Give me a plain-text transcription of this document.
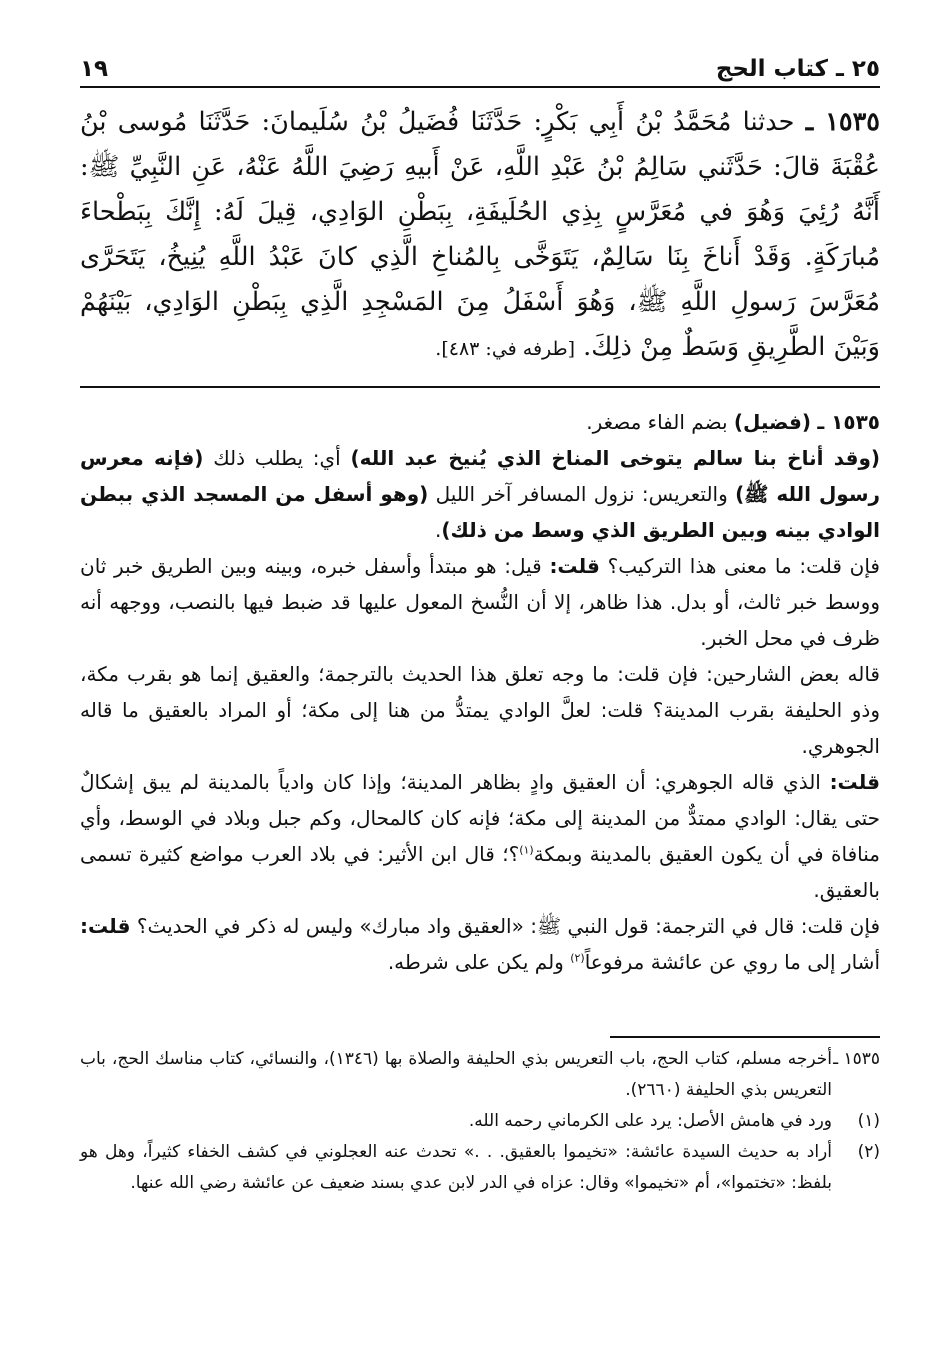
٢٥ ـ كتاب الحج
١٩
١٥٣٥ ـ حدثنا مُحَمَّدُ بْنُ أَبِي بَكْرٍ: حَدَّثَنَا فُضَيلُ بْنُ سُلَيمانَ: حَدَّثَنَا مُوسى بْنُ عُقْبَةَ قالَ: حَدَّثَني سَالِمُ بْنُ عَبْدِ اللَّهِ، عَنْ أَبيهِ رَضِيَ اللَّهُ عَنْهُ، عَنِ النَّبِيِّ ﷺ: أَنَّهُ رُئِيَ وَهُوَ في مُعَرَّسٍ بِذِي الحُلَيفَةِ، بِبَطْنِ الوَادِي، قِيلَ لَهُ: إِنَّكَ بِبَطْحاءَ مُبارَكَةٍ. وَقَدْ أَناخَ بِنَا سَالِمٌ، يَتَوَخَّى بِالمُناخِ الَّذِي كانَ عَبْدُ اللَّهِ يُنِيخُ، يَتَحَرَّى مُعَرَّسَ رَسولِ اللَّهِ ﷺ، وَهُوَ أَسْفَلُ مِنَ المَسْجِدِ الَّذِي بِبَطْنِ الوَادِي، بَيْنَهُمْ وَبَيْنَ الطَّرِيقِ وَسَطٌ مِنْ ذلِكَ. [طرفه في: ٤٨٣].

١٥٣٥ ـ (فضيل) بضم الفاء مصغر.

(وقد أناخ بنا سالم يتوخى المناخ الذي يُنيخ عبد الله) أي: يطلب ذلك (فإنه معرس رسول الله ﷺ) والتعريس: نزول المسافر آخر الليل (وهو أسفل من المسجد الذي ببطن الوادي بينه وبين الطريق الذي وسط من ذلك).

فإن قلت: ما معنى هذا التركيب؟ قلت: قيل: هو مبتدأ وأسفل خبره، وبينه وبين الطريق خبر ثان ووسط خبر ثالث، أو بدل. هذا ظاهر، إلا أن النُّسخ المعول عليها قد ضبط فيها بالنصب، ووجهه أنه ظرف في محل الخبر.

قاله بعض الشارحين: فإن قلت: ما وجه تعلق هذا الحديث بالترجمة؛ والعقيق إنما هو بقرب مكة، وذو الحليفة بقرب المدينة؟ قلت: لعلَّ الوادي يمتدُّ من هنا إلى مكة؛ أو المراد بالعقيق ما قاله الجوهري.

قلت: الذي قاله الجوهري: أن العقيق وادٍ بظاهر المدينة؛ وإذا كان وادياً بالمدينة لم يبق إشكالٌ حتى يقال: الوادي ممتدٌّ من المدينة إلى مكة؛ فإنه كان كالمحال، وكم جبل وبلاد في الوسط، وأي منافاة في أن يكون العقيق بالمدينة وبمكة$^{(١)}$؟؛ قال ابن الأثير: في بلاد العرب مواضع كثيرة تسمى بالعقيق.

فإن قلت: قال في الترجمة: قول النبي ﷺ: «العقيق واد مبارك» وليس له ذكر في الحديث؟ قلت: أشار إلى ما روي عن عائشة مرفوعاً$^{(٢)}$ ولم يكن على شرطه.

١٥٣٥ ـ
أخرجه مسلم، كتاب الحج، باب التعريس بذي الحليفة والصلاة بها (١٣٤٦)، والنسائي، كتاب مناسك الحج، باب التعريس بذي الحليفة (٢٦٦٠).
(١)
ورد في هامش الأصل: يرد على الكرماني رحمه الله.
(٢)
أراد به حديث السيدة عائشة: «تخيموا بالعقيق. . .» تحدث عنه العجلوني في كشف الخفاء كثيراً، وهل هو بلفظ: «تختموا»، أم «تخيموا» وقال: عزاه في الدر لابن عدي بسند ضعيف عن عائشة رضي الله عنها.
